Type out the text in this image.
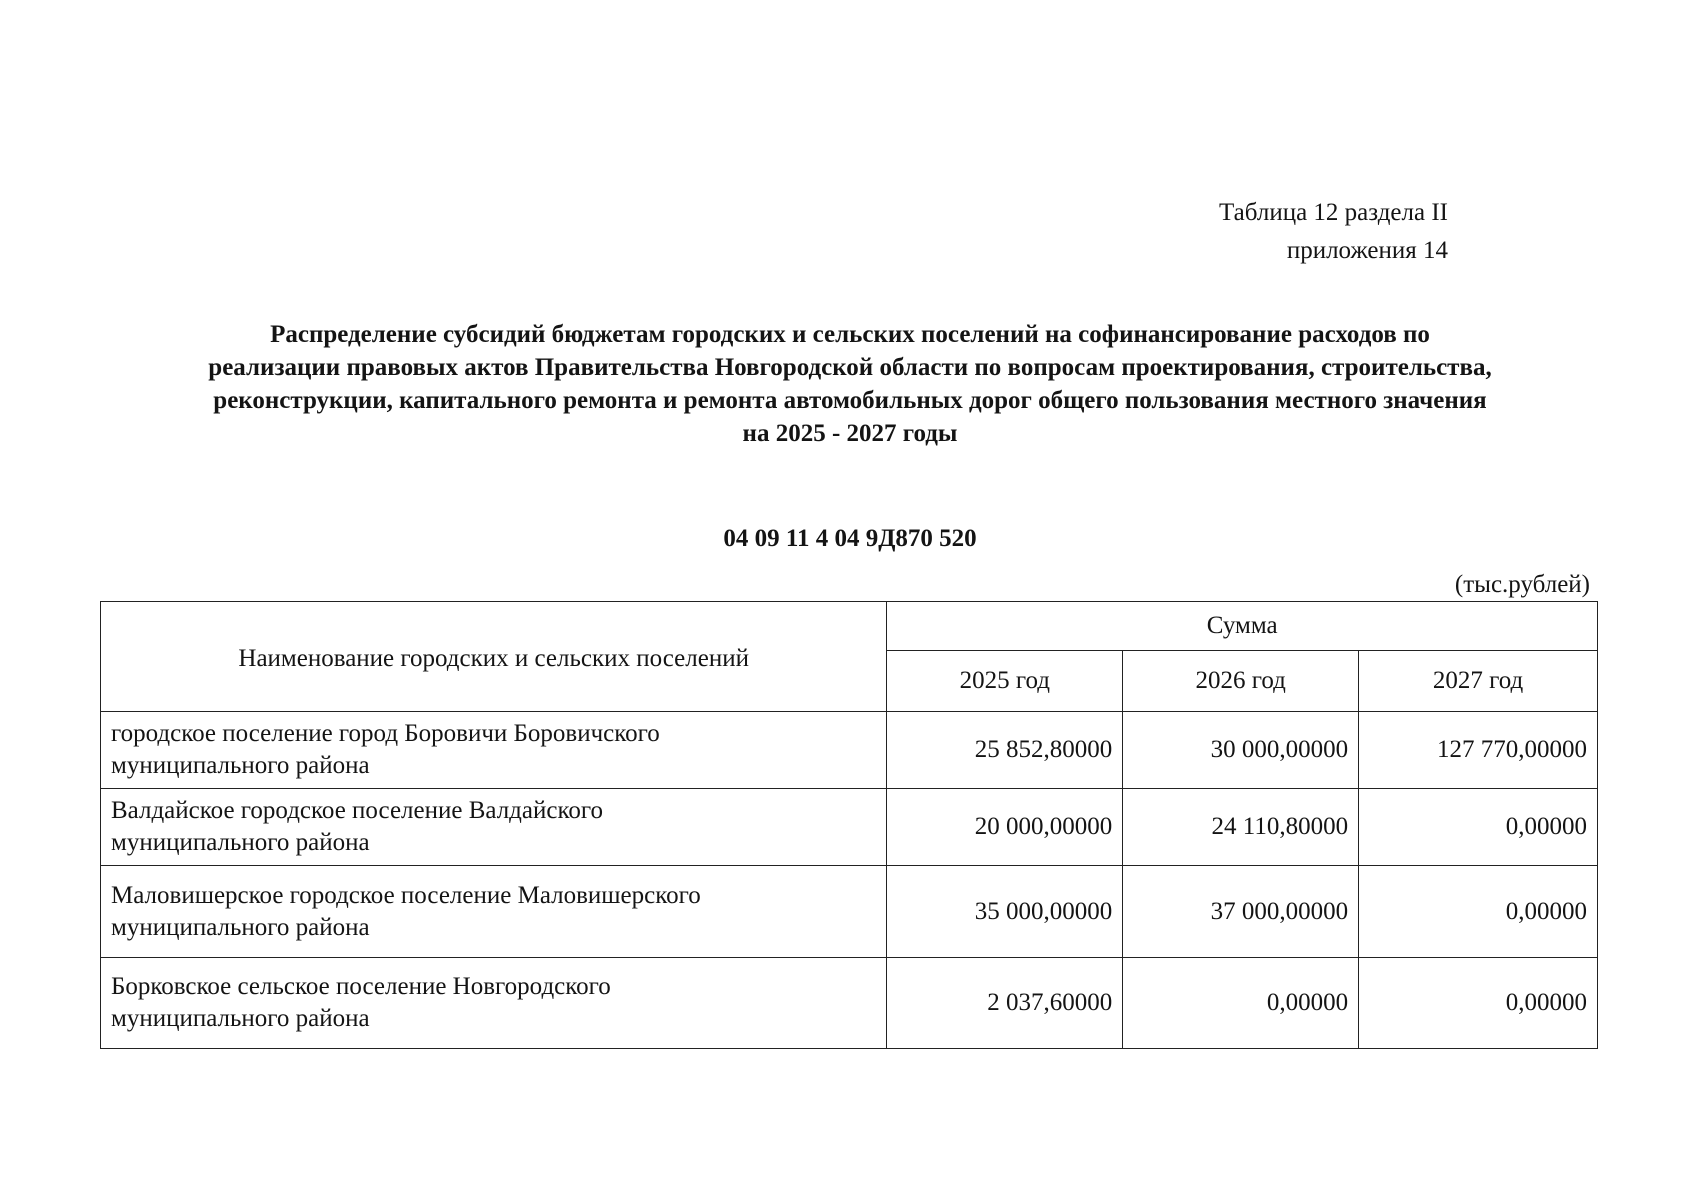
Таблица 12 раздела II
приложения 14
Распределение субсидий бюджетам городских и сельских поселений на софинансирование расходов по
реализации правовых актов Правительства Новгородской области по вопросам проектирования, строительства,
реконструкции, капитального ремонта и ремонта автомобильных дорог общего пользования местного значения
на 2025 - 2027 годы
04 09 11 4 04 9Д870 520
(тыс.рублей)
Наименование городских и сельских поселений	Сумма		
	2025 год	2026 год	2027 год

городское поселение город Боровичи Боровичского
муниципального района	25 852,80000	30 000,00000	127 770,00000

Валдайское городское поселение Валдайского
муниципального района	20 000,00000	24 110,80000	0,00000

Маловишерское городское поселение Маловишерского
муниципального района	35 000,00000	37 000,00000	0,00000

Борковское сельское поселение Новгородского
муниципального района	2 037,60000	0,00000	0,00000
